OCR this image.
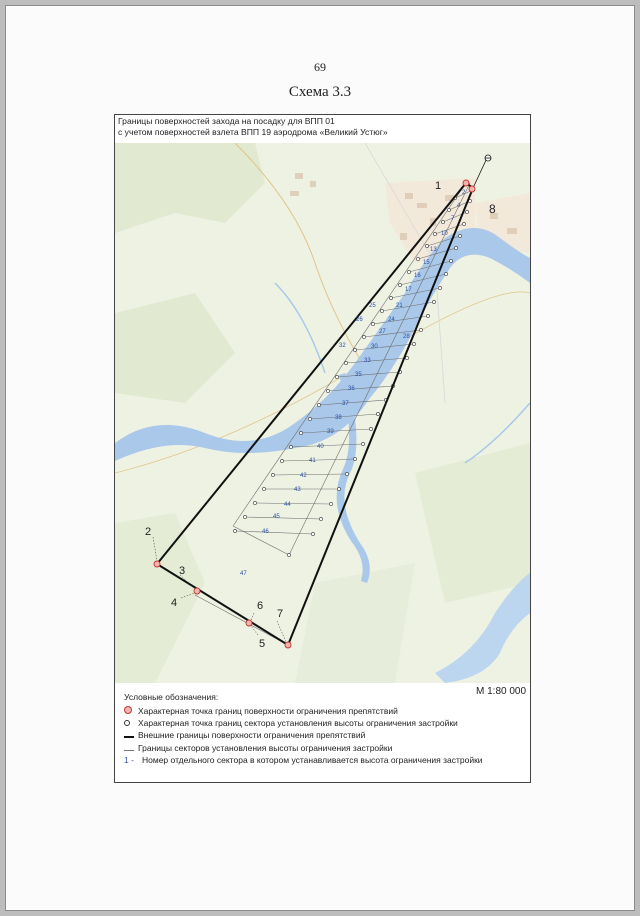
69
Схема 3.3
Границы поверхностей захода на посадку для ВПП 01
с учетом поверхностей взлета ВПП 19 аэродрома «Великий Устюг»
1
2
3
4
5
6
7
8
2
4
7
10
13
15
16
17
21
24
25
26
27
28
30
32
33
35
36
37
38
39
40
41
42
43
44
45
46
47
М 1:80 000
Условные обозначения:
Характерная точка границ поверхности ограничения препятствий
Характерная точка границ сектора установления высоты ограничения застройки
Внешние границы поверхности ограничения препятствий
Границы секторов установления высоты ограничения застройки
1 - Номер отдельного сектора в котором устанавливается высота ограничения застройки
